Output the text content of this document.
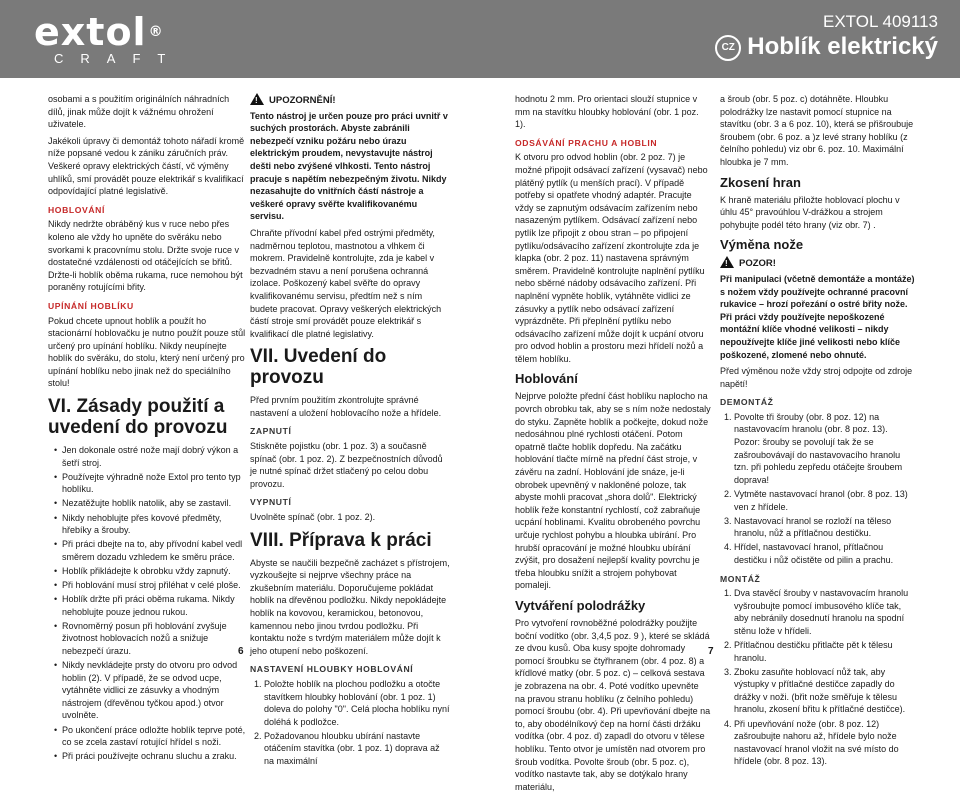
extol ®
CRAFT
EXTOL 409113
CZ Hoblík elektrický

osobami a s použitím originálních náhradních dílů, jinak může dojít k vážnému ohrožení uživatele.

Jakékoli úpravy či demontáž tohoto nářadí kromě níže popsané vedou k zániku záručních práv. Veškeré opravy elektrických částí, vč výměny uhlíků, smí provádět pouze elektrikář s kvalifikací odpovídající platné legislativě.

HOBLOVÁNÍ

Nikdy nedržte obráběný kus v ruce nebo přes koleno ale vždy ho upněte do svěráku nebo svorkami k pracovnímu stolu. Držte svoje ruce v dostatečné vzdálenosti od otáčejících se břitů. Držte-li hoblík oběma rukama, ruce nemohou být poraněny rotujícími břity.

UPÍNÁNÍ HOBLÍKU

Pokud chcete upnout hoblík a použít ho stacionární hoblovačku je nutno použít pouze stůl určený pro upínání hoblíku. Nikdy neupínejte hoblík do svěráku, do stolu, který není určený pro upínání hoblíku nebo jinak než do speciálního stolu!

VI. Zásady použití a uvedení do provozu
• Jen dokonale ostré nože mají dobrý výkon a šetří stroj.
• Používejte výhradně nože Extol pro tento typ hoblíku.
• Nezatěžujte hoblík natolik, aby se zastavil.
• Nikdy nehoblujte přes kovové předměty, hřebíky a šrouby.
• Při práci dbejte na to, aby přívodní kabel vedl směrem dozadu vzhledem ke směru práce.
• Hoblík přikládejte k obrobku vždy zapnutý.
• Při hoblování musí stroj přiléhat v celé ploše.
• Hoblík držte při práci oběma rukama. Nikdy nehoblujte pouze jednou rukou.
• Rovnoměrný posun při hoblování zvyšuje životnost hoblovacích nožů a snižuje nebezpečí úrazu.
• Nikdy nevkládejte prsty do otvoru pro odvod hoblin (2). V případě, že se odvod ucpe, vytáhněte vidlici ze zásuvky a vhodným nástrojem (dřevěnou tyčkou apod.) otvor uvolněte.
• Po ukončení práce odložte hoblík teprve poté, co se zcela zastaví rotující hřídel s noži.
• Při práci používejte ochranu sluchu a zraku.
!UPOZORNĚNÍ!

Tento nástroj je určen pouze pro práci uvnitř v suchých prostorách. Abyste zabránili nebezpečí vzniku požáru nebo úrazu elektrickým proudem, nevystavujte nástroj dešti nebo zvýšené vlhkosti. Tento nástroj pracuje s napětím nebezpečným životu. Nikdy nezasahujte do vnitřních částí nástroje a veškeré opravy svěřte kvalifikovanému servisu.

Chraňte přívodní kabel před ostrými předměty, nadměrnou teplotou, mastnotou a vlhkem či mokrem. Pravidelně kontrolujte, zda je kabel v bezvadném stavu a není porušena ochranná izolace. Poškozený kabel svěřte do opravy kvalifikovanému servisu, předtím než s ním budete pracovat. Opravy veškerých elektrických částí stroje smí provádět pouze elektrikář s kvalifikací dle platné legislativy.

VII. Uvedení do provozu

Před prvním použitím zkontrolujte správné nastavení a uložení hoblovacího nože a hřídele.

ZAPNUTÍ

Stiskněte pojistku (obr. 1 poz. 3) a současně spínač (obr. 1 poz. 2). Z bezpečnostních důvodů je nutné spínač držet stlačený po celou dobu provozu.

VYPNUTÍ

Uvolněte spínač (obr. 1 poz. 2).

VIII. Příprava k práci

Abyste se naučili bezpečně zacházet s přístrojem, vyzkoušejte si nejprve všechny práce na zkušebním materiálu. Doporučujeme pokládat hoblík na dřevěnou podložku. Nikdy nepokládejte hoblík na kovovou, keramickou, betonovou, kamennou nebo jinou tvrdou podložku. Při kontaktu nože s tvrdým materiálem může dojít k jeho otupení nebo poškození.

NASTAVENÍ HLOUBKY HOBLOVÁNÍ
1. Položte hoblík na plochou podložku a otočte stavítkem hloubky hoblování (obr. 1 poz. 1) doleva do polohy "0". Celá plocha hoblíku nyní doléhá k podložce.
2. Požadovanou hloubku ubírání nastavte otáčením stavítka (obr. 1 poz. 1) doprava až na maximální

hodnotu 2 mm. Pro orientaci slouží stupnice v mm na stavítku hloubky hoblování (obr. 1 poz. 1).

ODSÁVÁNÍ PRACHU A HOBLIN

K otvoru pro odvod hoblin (obr. 2 poz. 7) je možné připojit odsávací zařízení (vysavač) nebo plátěný pytlík (u menších prací). V případě potřeby si opatřete vhodný adaptér. Pracujte vždy se zapnutým odsávacím zařízením nebo nasazeným pytlíkem. Odsávací zařízení nebo pytlík lze připojit z obou stran – po připojení pytlíku/odsávacího zařízení zkontrolujte zda je klapka (obr. 2 poz. 11) nastavena správným směrem. Pravidelně kontrolujte naplnění pytlíku nebo sběrné nádoby odsávacího zařízení. Při naplnění vypněte hoblík, vytáhněte vidlici ze zásuvky a pytlík nebo odsávací zařízení vyprázdněte. Při přeplnění pytlíku nebo odsávacího zařízení může dojít k ucpání otvoru pro odvod hoblin a prostoru mezi hřídelí nožů a tělem hoblíku.

Hoblování

Nejprve položte přední část hoblíku naplocho na povrch obrobku tak, aby se s ním nože nedostaly do styku. Zapněte hoblík a počkejte, dokud nože nedosáhnou plné rychlosti otáčení. Potom opatrně tlačte hoblík dopředu. Na začátku hoblování tlačte mírně na přední část stroje, v závěru na zadní. Hoblování jde snáze, je-li obrobek upevněný v nakloněné poloze, tak abyste mohli pracovat „shora dolů". Elektrický hoblík řeže konstantní rychlostí, což zabraňuje ucpání hoblinami. Kvalitu obrobeného povrchu určuje rychlost pohybu a hloubka ubírání. Pro hrubší opracování je možné hloubku ubírání zvýšit, pro dosažení nejlepší kvality povrchu je třeba hloubku snížit a strojem pohybovat pomaleji.

Vytváření polodrážky

Pro vytvoření rovnoběžné polodrážky použijte boční vodítko (obr. 3,4,5 poz. 9 ), které se skládá ze dvou kusů. Oba kusy spojte dohromady pomocí šroubku se čtyřhranem (obr. 4 poz. 8) a křídlové matky (obr. 5 poz. c) – celková sestava je zobrazena na obr. 4. Poté vodítko upevněte na pravou stranu hoblíku (z čelního pohledu) pomocí šroubu (obr. 4). Při upevňování dbejte na to, aby obodélníkový čep na horní části držáku vodítka (obr. 4 poz. d) zapadl do otvoru v tělese hoblíku. Tento otvor je umístěn nad otvorem pro šroub vodítka. Povolte šroub (obr. 5 poz. c), vodítko nastavte tak, aby se dotýkalo hrany materiálu,

a šroub (obr. 5 poz. c) dotáhněte. Hloubku polodrážky lze nastavit pomocí stupnice na stavítku (obr. 3 a 6 poz. 10), která se přišroubuje šroubem (obr. 6 poz. a )z levé strany hoblíku (z čelního pohledu) viz obr 6. poz. 10. Maximální hloubka je 7 mm.

Zkosení hran

K hraně materiálu přiložte hoblovací plochu v úhlu 45° pravoúhlou V-drážkou a strojem pohybujte podél této hrany (viz obr. 7) .

Výměna nože
!POZOR!

Při manipulaci (včetně demontáže a montáže) s nožem vždy používejte ochranné pracovní rukavice – hrozí pořezání o ostré břity nože. Při práci vždy používejte nepoškozené montážní klíče vhodné velikosti – nikdy nepoužívejte klíče jiné velikosti nebo klíče poškozené, zlomené nebo ohnuté.

Před výměnou nože vždy stroj odpojte od zdroje napětí!

DEMONTÁŽ
1. Povolte tři šrouby (obr. 8 poz. 12) na nastavovacím hranolu (obr. 8 poz. 13). Pozor: šrouby se povolují tak že se zašroubovávají do nastavovacího hranolu tzn. při pohledu zepředu otáčejte šroubem doprava!
2. Vytměte nastavovací hranol (obr. 8 poz. 13) ven z hřídele.
3. Nastavovací hranol se rozloží na těleso hranolu, nůž a přítlačnou destičku.
4. Hřídel, nastavovací hranol, přítlačnou destičku i nůž očistěte od pilin a prachu.
MONTÁŽ
1. Dva stavěcí šrouby v nastavovacím hranolu vyšroubujte pomocí imbusového klíče tak, aby nebránily dosednutí hranolu na spodní stěnu lože v hřídeli.
2. Přítlačnou destičku přitlačte pět k tělesu hranolu.
3. Zboku zasuňte hoblovací nůž tak, aby výstupky v přítlačné destičce zapadly do drážky v noži. (břit nože směřuje k tělesu hranolu, zkosení břitu k přítlačné destičce).
4. Při upevňování nože (obr. 8 poz. 12) zašroubujte nahoru až, hřídele bylo nože nastavovací hranol vložit na své místo do hřídele (obr. 8 poz. 13).
6	7
